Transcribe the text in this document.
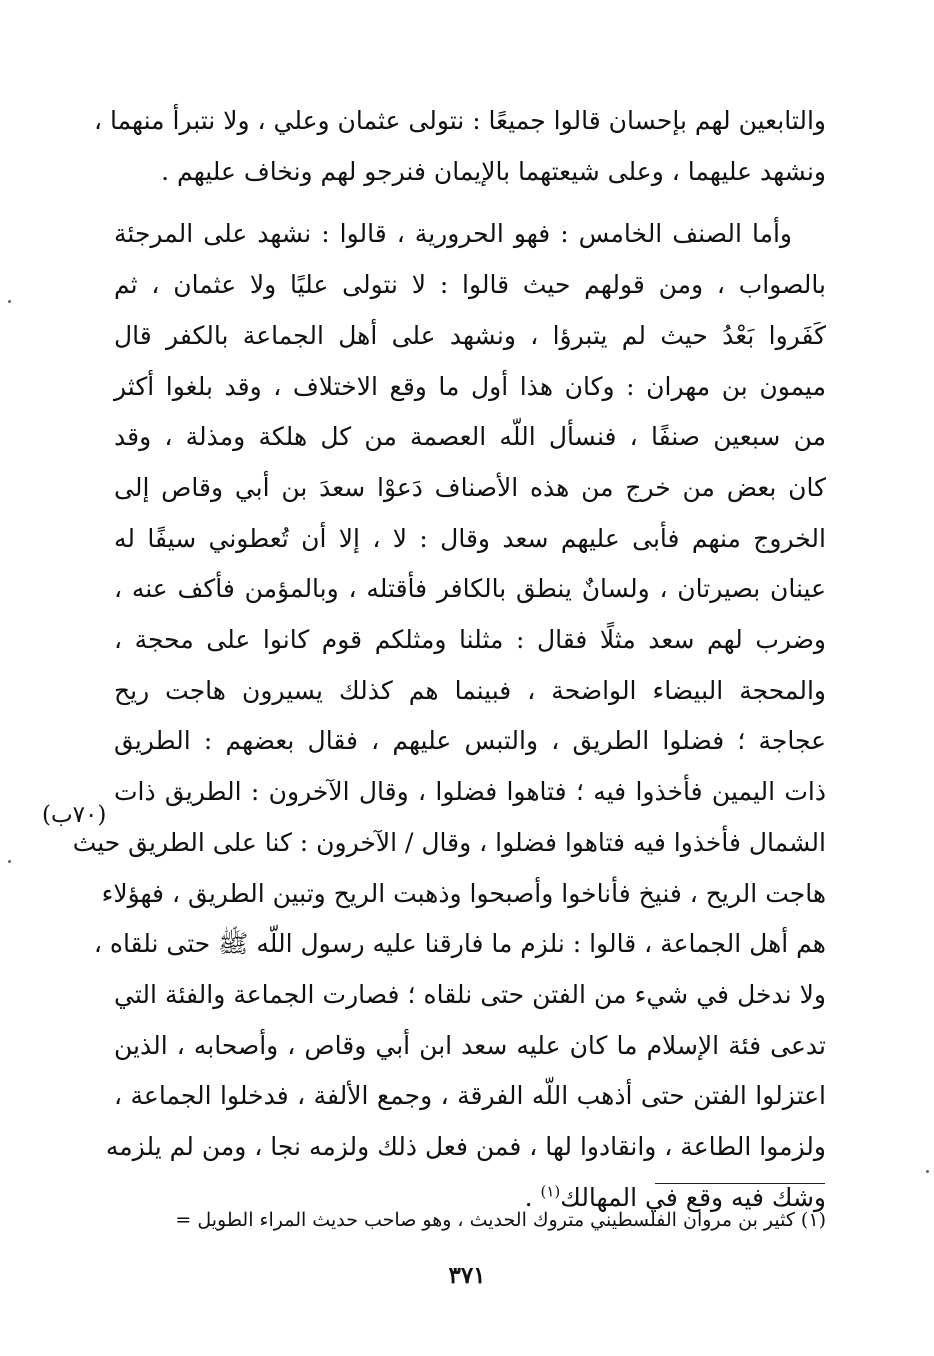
والتابعين لهم بإحسان قالوا جميعًا : نتولى عثمان وعلي ، ولا نتبرأ منهما ،
ونشهد عليهما ، وعلى شيعتهما بالإيمان فنرجو لهم ونخاف عليهم .
وأما الصنف الخامس : فهو الحرورية ، قالوا : نشهد على المرجئة
بالصواب ، ومن قولهم حيث قالوا : لا نتولى عليًا ولا عثمان ، ثم
كَفَروا بَعْدُ حيث لم يتبرؤا ، ونشهد على أهل الجماعة بالكفر قال
ميمون بن مهران : وكان هذا أول ما وقع الاختلاف ، وقد بلغوا أكثر
من سبعين صنفًا ، فنسأل اللّه العصمة من كل هلكة ومذلة ، وقد
كان بعض من خرج من هذه الأصناف دَعوْا سعدَ بن أبي وقاص إلى
الخروج منهم فأبى عليهم سعد وقال : لا ، إلا أن تُعطوني سيفًا له
عينان بصيرتان ، ولسانٌ ينطق بالكافر فأقتله ، وبالمؤمن فأكف عنه ،
وضرب لهم سعد مثلًا فقال : مثلنا ومثلكم قوم كانوا على محجة ،
والمحجة البيضاء الواضحة ، فبينما هم كذلك يسيرون هاجت ريح
عجاجة ؛ فضلوا الطريق ، والتبس عليهم ، فقال بعضهم : الطريق
ذات اليمين فأخذوا فيه ؛ فتاهوا فضلوا ، وقال الآخرون : الطريق ذات
الشمال فأخذوا فيه فتاهوا فضلوا ، وقال / الآخرون : كنا على الطريق حيث
هاجت الريح ، فنيخ فأناخوا وأصبحوا وذهبت الريح وتبين الطريق ، فهؤلاء
هم أهل الجماعة ، قالوا : نلزم ما فارقنا عليه رسول اللّه ﷺ حتى نلقاه ،
ولا ندخل في شيء من الفتن حتى نلقاه ؛ فصارت الجماعة والفئة التي
تدعى فئة الإسلام ما كان عليه سعد ابن أبي وقاص ، وأصحابه ، الذين
اعتزلوا الفتن حتى أذهب اللّه الفرقة ، وجمع الألفة ، فدخلوا الجماعة ،
ولزموا الطاعة ، وانقادوا لها ، فمن فعل ذلك ولزمه نجا ، ومن لم يلزمه
وشك فيه وقع في المهالك$^{(١)}$ .
(٧٠ب)
(١) كثير بن مروان الفلسطيني متروك الحديث ، وهو صاحب حديث المراء الطويل =
٣٧١
